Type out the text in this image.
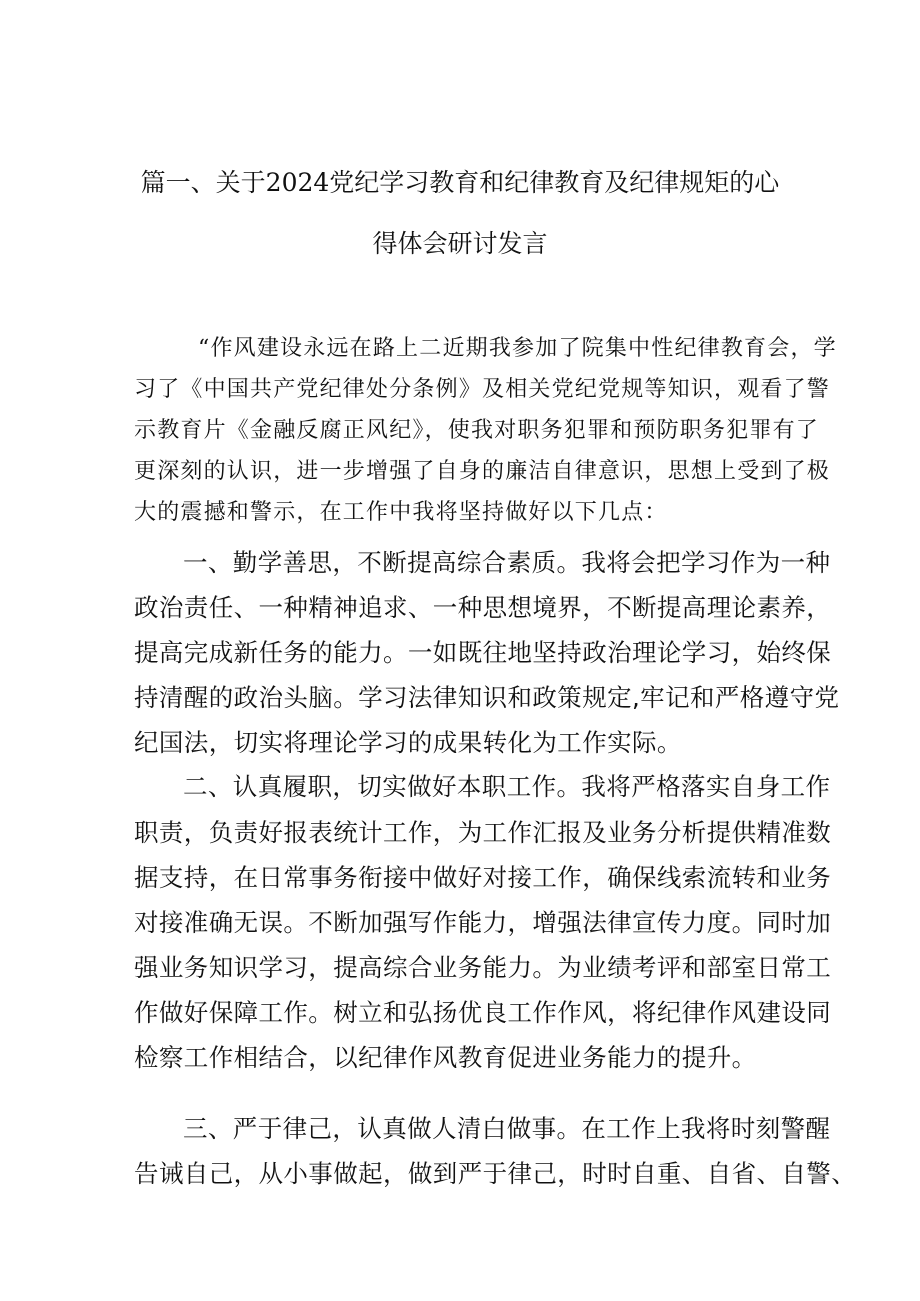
篇一、关于2024党纪学习教育和纪律教育及纪律规矩的心
得体会研讨发言
“作风建设永远在路上二近期我参加了院集中性纪律教育会，学
习了《中国共产党纪律处分条例》及相关党纪党规等知识，观看了警
示教育片《金融反腐正风纪》，使我对职务犯罪和预防职务犯罪有了
更深刻的认识，进一步增强了自身的廉洁自律意识，思想上受到了极
大的震撼和警示，在工作中我将坚持做好以下几点：
一、勤学善思，不断提高综合素质。我将会把学习作为一种
政治责任、一种精神追求、一种思想境界，不断提高理论素养，
提高完成新任务的能力。一如既往地坚持政治理论学习，始终保
持清醒的政治头脑。学习法律知识和政策规定,牢记和严格遵守党
纪国法，切实将理论学习的成果转化为工作实际。
二、认真履职，切实做好本职工作。我将严格落实自身工作
职责，负责好报表统计工作，为工作汇报及业务分析提供精准数
据支持，在日常事务衔接中做好对接工作，确保线索流转和业务
对接准确无误。不断加强写作能力，增强法律宣传力度。同时加
强业务知识学习，提高综合业务能力。为业绩考评和部室日常工
作做好保障工作。树立和弘扬优良工作作风，将纪律作风建设同
检察工作相结合，以纪律作风教育促进业务能力的提升。
三、严于律己，认真做人清白做事。在工作上我将时刻警醒
告诫自己，从小事做起，做到严于律己，时时自重、自省、自警、
